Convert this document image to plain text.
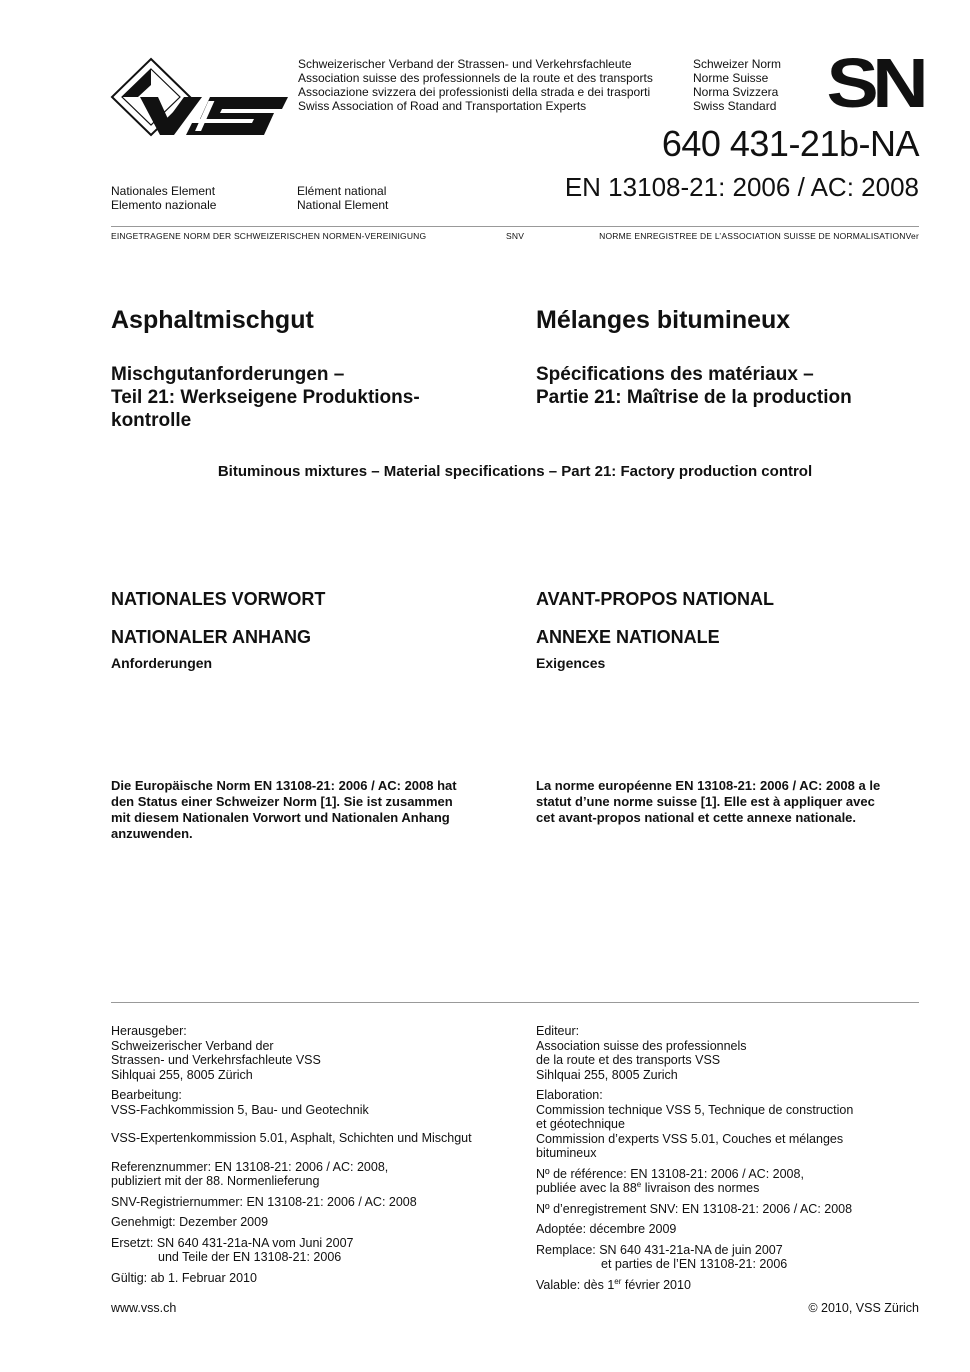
Schweizerischer Verband der Strassen- und Verkehrsfachleute
Association suisse des professionnels de la route et des transports
Associazione svizzera dei professionisti della strada e dei trasporti
Swiss Association of Road and Transportation Experts
Schweizer Norm
Norme Suisse
Norma Svizzera
Swiss Standard SN
640 431-21b-NA
EN 13108-21: 2006 / AC: 2008
Nationales Element
Elemento nazionale
Elément national
National Element
EINGETRAGENE NORM DER SCHWEIZERISCHEN NORMEN-VEREINIGUNG	SNV	NORME ENREGISTREE DE L’ASSOCIATION SUISSE DE NORMALISATIONVer
Asphaltmischgut	Mélanges bitumineux
Mischgutanforderungen –
Teil 21: Werkseigene Produktions-
kontrolle
Spécifications des matériaux –
Partie 21: Maîtrise de la production
Bituminous mixtures – Material specifications – Part 21: Factory production control
NATIONALES VORWORT
NATIONALER ANHANG
Anforderungen
AVANT-PROPOS NATIONAL
ANNEXE NATIONALE
Exigences
Die Europäische Norm EN 13108-21: 2006 / AC: 2008 hat
den Status einer Schweizer Norm [1]. Sie ist zusammen
mit diesem Nationalen Vorwort und Nationalen Anhang
anzuwenden.
La norme européenne EN 13108-21: 2006 / AC: 2008 a le
statut d’une norme suisse [1]. Elle est à appliquer avec
cet avant-propos national et cette annexe nationale.
Herausgeber:
Schweizerischer Verband der
Strassen- und Verkehrsfachleute VSS
Sihlquai 255, 8005 Zürich
Bearbeitung:
VSS-Fachkommission 5, Bau- und Geotechnik
VSS-Expertenkommission 5.01, Asphalt, Schichten und Mischgut
Referenznummer: EN 13108-21: 2006 / AC: 2008,
publiziert mit der 88. Normenlieferung
SNV-Registriernummer: EN 13108-21: 2006 / AC: 2008
Genehmigt: Dezember 2009
Ersetzt: SN 640 431-21a-NA vom Juni 2007
und Teile der EN 13108-21: 2006
Gültig: ab 1. Februar 2010
Editeur:
Association suisse des professionnels
de la route et des transports VSS
Sihlquai 255, 8005 Zurich
Elaboration:
Commission technique VSS 5, Technique de construction
et géotechnique
Commission d’experts VSS 5.01, Couches et mélanges
bitumineux
Nº de référence: EN 13108-21: 2006 / AC: 2008,
publiée avec la 88e livraison des normes
Nº d’enregistrement SNV: EN 13108-21: 2006 / AC: 2008
Adoptée: décembre 2009
Remplace: SN 640 431-21a-NA de juin 2007
et parties de l’EN 13108-21: 2006
Valable: dès 1er février 2010
www.vss.ch	© 2010, VSS Zürich
